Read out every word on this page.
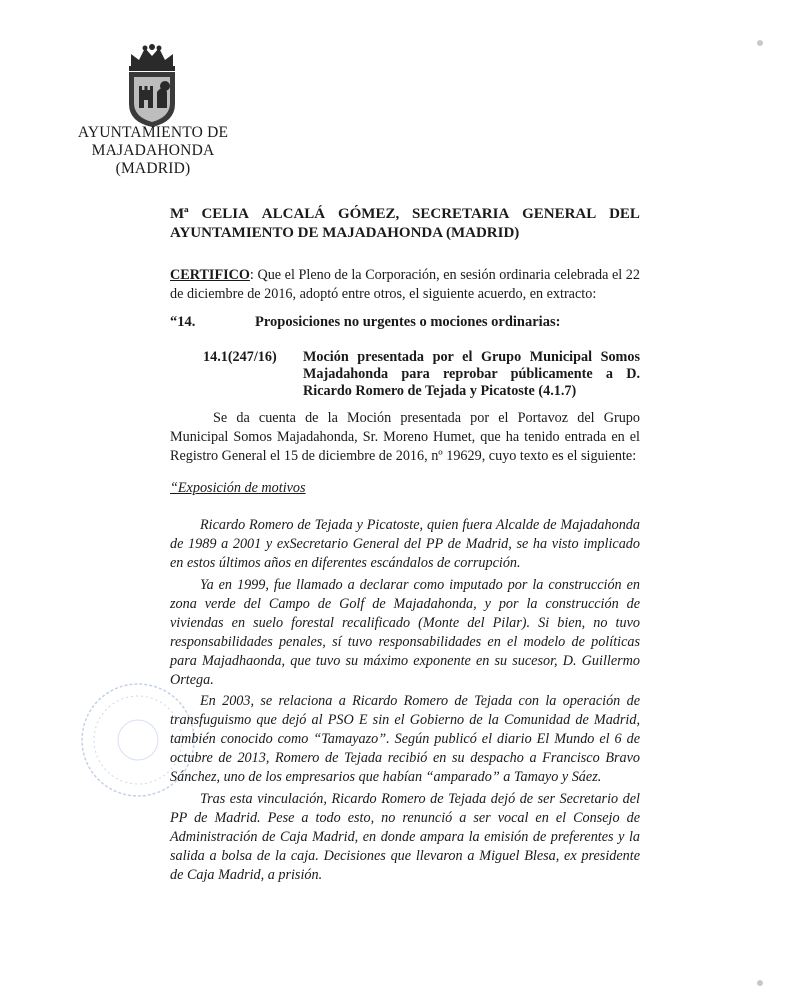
AYUNTAMIENTO DE
MAJADAHONDA
(MADRID)
Mª CELIA ALCALÁ GÓMEZ, SECRETARIA GENERAL DEL
AYUNTAMIENTO DE MAJADAHONDA (MADRID)
CERTIFICO: Que el Pleno de la Corporación, en sesión ordinaria celebrada el 22 de diciembre de 2016, adoptó entre otros, el siguiente acuerdo, en extracto:
“14.	Proposiciones no urgentes o mociones ordinarias:
14.1(247/16) Moción presentada por el Grupo Municipal Somos Majadahonda para reprobar públicamente a D. Ricardo Romero de Tejada y Picatoste (4.1.7)
Se da cuenta de la Moción presentada por el Portavoz del Grupo Municipal Somos Majadahonda, Sr. Moreno Humet, que ha tenido entrada en el Registro General el 15 de diciembre de 2016, nº 19629, cuyo texto es el siguiente:
“Exposición de motivos
Ricardo Romero de Tejada y Picatoste, quien fuera Alcalde de Majadahonda de 1989 a 2001 y exSecretario General del PP de Madrid, se ha visto implicado en estos últimos años en diferentes escándalos de corrupción.
Ya en 1999, fue llamado a declarar como imputado por la construcción en zona verde del Campo de Golf de Majadahonda, y por la construcción de viviendas en suelo forestal recalificado (Monte del Pilar). Si bien, no tuvo responsabilidades penales, sí tuvo responsabilidades en el modelo de políticas para Majadhaonda, que tuvo su máximo exponente en su sucesor, D. Guillermo Ortega.
En 2003, se relaciona a Ricardo Romero de Tejada con la operación de transfuguismo que dejó al PSO E sin el Gobierno de la Comunidad de Madrid, también conocido como “Tamayazo”. Según publicó el diario El Mundo el 6 de octubre de 2013, Romero de Tejada recibió en su despacho a Francisco Bravo Sánchez, uno de los empresarios que habían “amparado” a Tamayo y Sáez.
Tras esta vinculación, Ricardo Romero de Tejada dejó de ser Secretario del PP de Madrid. Pese a todo esto, no renunció a ser vocal en el Consejo de Administración de Caja Madrid, en donde ampara la emisión de preferentes y la salida a bolsa de la caja. Decisiones que llevaron a Miguel Blesa, ex presidente de Caja Madrid, a prisión.
